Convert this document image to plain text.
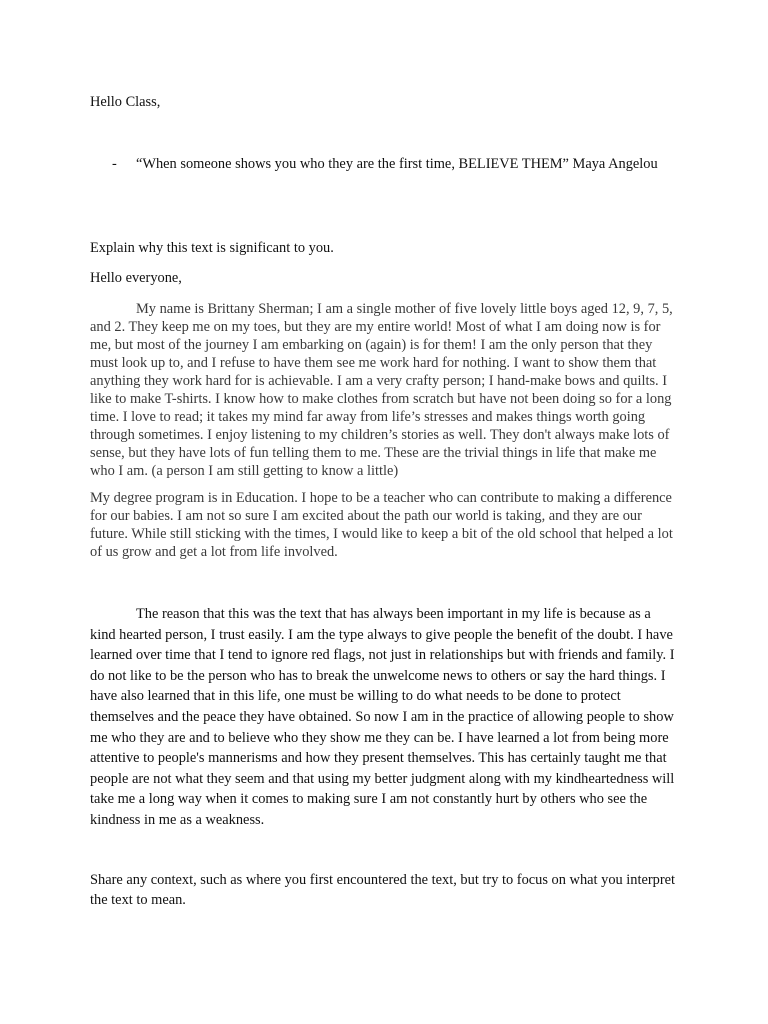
Hello Class,

-	“When someone shows you who they are the first time, BELIEVE THEM” Maya Angelou

Explain why this text is significant to you.

Hello everyone,

My name is Brittany Sherman; I am a single mother of five lovely little boys aged 12, 9, 7, 5, and 2. They keep me on my toes, but they are my entire world! Most of what I am doing now is for me, but most of the journey I am embarking on (again) is for them! I am the only person that they must look up to, and I refuse to have them see me work hard for nothing. I want to show them that anything they work hard for is achievable. I am a very crafty person; I hand-make bows and quilts. I like to make T-shirts. I know how to make clothes from scratch but have not been doing so for a long time. I love to read; it takes my mind far away from life’s stresses and makes things worth going through sometimes. I enjoy listening to my children’s stories as well. They don't always make lots of sense, but they have lots of fun telling them to me. These are the trivial things in life that make me who I am. (a person I am still getting to know a little)

My degree program is in Education. I hope to be a teacher who can contribute to making a difference for our babies. I am not so sure I am excited about the path our world is taking, and they are our future. While still sticking with the times, I would like to keep a bit of the old school that helped a lot of us grow and get a lot from life involved.

The reason that this was the text that has always been important in my life is because as a kind hearted person, I trust easily. I am the type always to give people the benefit of the doubt. I have learned over time that I tend to ignore red flags, not just in relationships but with friends and family. I do not like to be the person who has to break the unwelcome news to others or say the hard things. I have also learned that in this life, one must be willing to do what needs to be done to protect themselves and the peace they have obtained. So now I am in the practice of allowing people to show me who they are and to believe who they show me they can be. I have learned a lot from being more attentive to people's mannerisms and how they present themselves. This has certainly taught me that people are not what they seem and that using my better judgment along with my kindheartedness will take me a long way when it comes to making sure I am not constantly hurt by others who see the kindness in me as a weakness.

Share any context, such as where you first encountered the text, but try to focus on what you interpret the text to mean.
